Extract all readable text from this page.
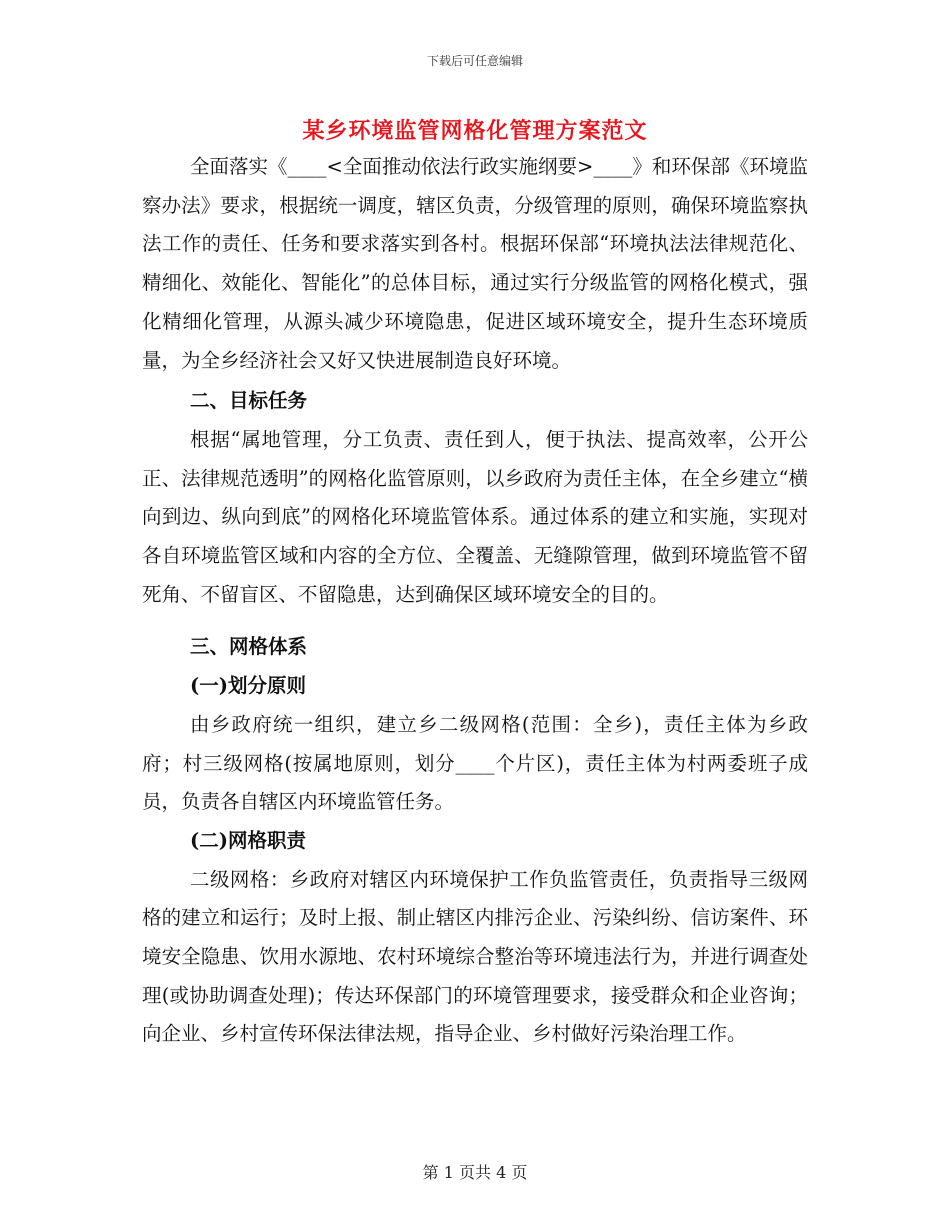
下载后可任意编辑
某乡环境监管网格化管理方案范文

全面落实《____<全面推动依法行政实施纲要>____》和环保部《环境监察办法》要求，根据统一调度，辖区负责，分级管理的原则，确保环境监察执法工作的责任、任务和要求落实到各村。根据环保部“环境执法法律规范化、精细化、效能化、智能化”的总体目标，通过实行分级监管的网格化模式，强化精细化管理，从源头减少环境隐患，促进区域环境安全，提升生态环境质量，为全乡经济社会又好又快进展制造良好环境。

二、目标任务

根据“属地管理，分工负责、责任到人，便于执法、提高效率，公开公正、法律规范透明”的网格化监管原则，以乡政府为责任主体，在全乡建立“横向到边、纵向到底”的网格化环境监管体系。通过体系的建立和实施，实现对各自环境监管区域和内容的全方位、全覆盖、无缝隙管理，做到环境监管不留死角、不留盲区、不留隐患，达到确保区域环境安全的目的。

三、网格体系

(一)划分原则

由乡政府统一组织，建立乡二级网格(范围：全乡)，责任主体为乡政府；村三级网格(按属地原则，划分____个片区)，责任主体为村两委班子成员，负责各自辖区内环境监管任务。

(二)网格职责

二级网格：乡政府对辖区内环境保护工作负监管责任，负责指导三级网格的建立和运行；及时上报、制止辖区内排污企业、污染纠纷、信访案件、环境安全隐患、饮用水源地、农村环境综合整治等环境违法行为，并进行调查处理(或协助调查处理)；传达环保部门的环境管理要求，接受群众和企业咨询；向企业、乡村宣传环保法律法规，指导企业、乡村做好污染治理工作。

第 1 页共 4 页
